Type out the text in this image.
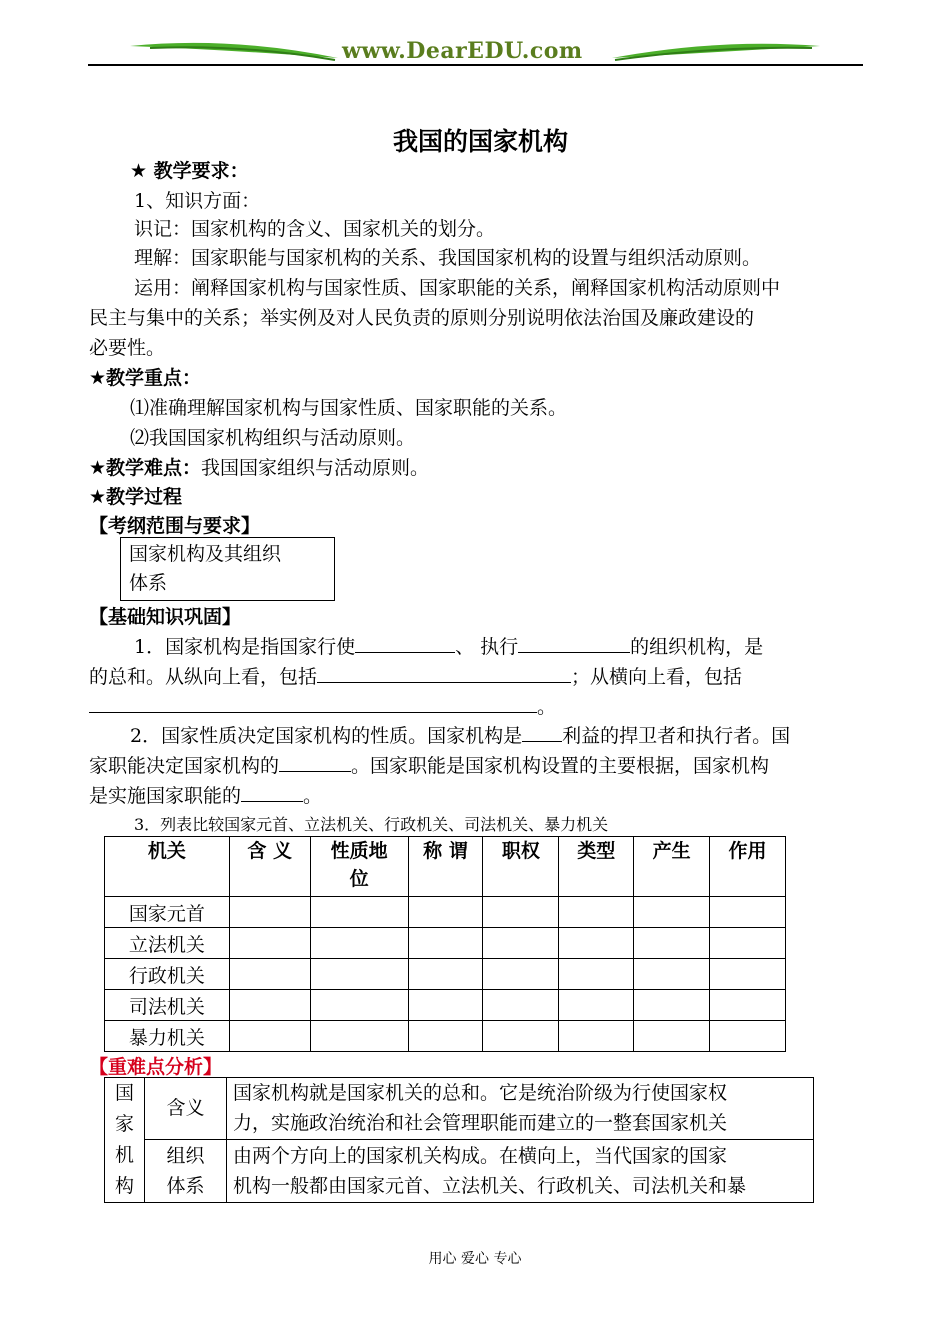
www.DearEDU.com
我国的国家机构
★ 教学要求：
1、知识方面：
识记：国家机构的含义、国家机关的划分。
理解：国家职能与国家机构的关系、我国国家机构的设置与组织活动原则。
运用：阐释国家机构与国家性质、国家职能的关系，阐释国家机构活动原则中
民主与集中的关系；举实例及对人民负责的原则分别说明依法治国及廉政建设的
必要性。
★教学重点：
⑴准确理解国家机构与国家性质、国家职能的关系。
⑵我国国家机构组织与活动原则。
★教学难点：我国国家组织与活动原则。
★教学过程
【考纲范围与要求】
国家机构及其组织
体系
【基础知识巩固】
1．国家机构是指国家行使	、 执行	的组织机构，是
的总和。从纵向上看，包括	；从横向上看，包括
。
2．国家性质决定国家机构的性质。国家机构是 利益的捍卫者和执行者。国
家职能决定国家机构的	。国家职能是国家机构设置的主要根据，国家机构
是实施国家职能的	。
3．列表比较国家元首、立法机关、行政机关、司法机关、暴力机关
机关	含 义	性质地
位	称 谓	职权	类型	产生	作用
国家元首							
立法机关							
行政机关							
司法机关							
暴力机关							
【重难点分析】
国
家
机
构	含义	国家机构就是国家机关的总和。它是统治阶级为行使国家权
力，实施政治统治和社会管理职能而建立的一整套国家机关
	组织
体系	由两个方向上的国家机关构成。在横向上，当代国家的国家
机构一般都由国家元首、立法机关、行政机关、司法机关和暴
用心 爱心 专心
